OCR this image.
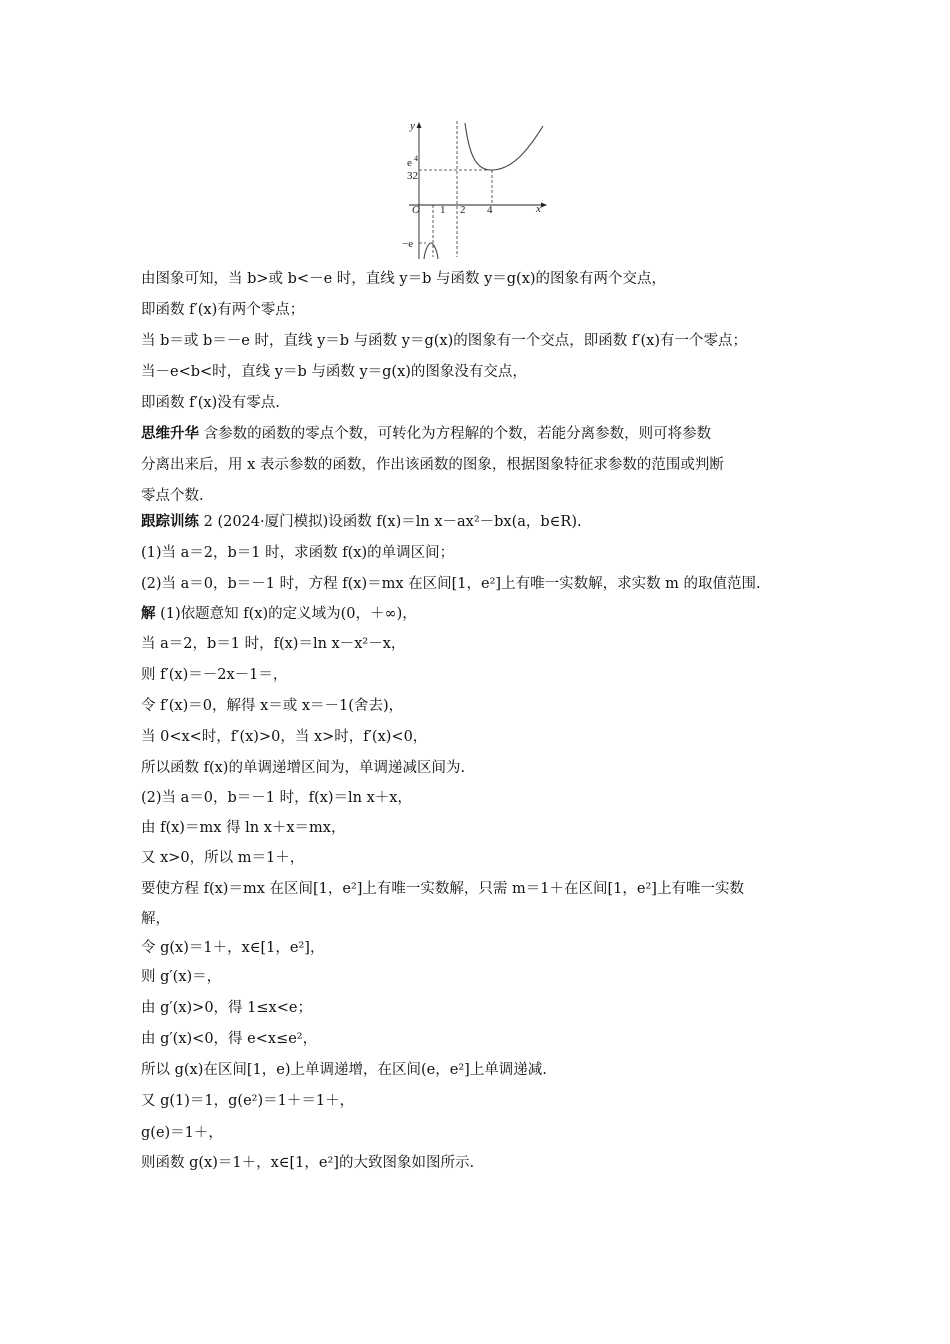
y
x
O
e 4
32
−e
1 2 4
由图象可知，当 b>或 b<－e 时，直线 y＝b 与函数 y＝g(x)的图象有两个交点，
即函数 f′(x)有两个零点；
当 b＝或 b＝－e 时，直线 y＝b 与函数 y＝g(x)的图象有一个交点，即函数 f′(x)有一个零点；
当－e<b<时，直线 y＝b 与函数 y＝g(x)的图象没有交点，
即函数 f′(x)没有零点.
思维升华 含参数的函数的零点个数，可转化为方程解的个数，若能分离参数，则可将参数
分离出来后，用 x 表示参数的函数，作出该函数的图象，根据图象特征求参数的范围或判断
零点个数.
跟踪训练 2 (2024·厦门模拟)设函数 f(x)＝ln x－ax²－bx(a，b∈R).
(1)当 a＝2，b＝1 时，求函数 f(x)的单调区间；
(2)当 a＝0，b＝－1 时，方程 f(x)＝mx 在区间[1，e²]上有唯一实数解，求实数 m 的取值范围.
解 (1)依题意知 f(x)的定义域为(0，＋∞)，
当 a＝2，b＝1 时，f(x)＝ln x－x²－x，
则 f′(x)＝－2x－1＝，
令 f′(x)＝0，解得 x＝或 x＝－1(舍去)，
当 0<x<时，f′(x)>0，当 x>时，f′(x)<0，
所以函数 f(x)的单调递增区间为，单调递减区间为.
(2)当 a＝0，b＝－1 时，f(x)＝ln x＋x，
由 f(x)＝mx 得 ln x＋x＝mx，
又 x>0，所以 m＝1＋，
要使方程 f(x)＝mx 在区间[1，e²]上有唯一实数解，只需 m＝1＋在区间[1，e²]上有唯一实数
解，
令 g(x)＝1＋，x∈[1，e²]，
则 g′(x)＝，
由 g′(x)>0，得 1≤x<e；
由 g′(x)<0，得 e<x≤e²，
所以 g(x)在区间[1，e)上单调递增，在区间(e，e²]上单调递减.
又 g(1)＝1，g(e²)＝1＋＝1＋，
g(e)＝1＋，
则函数 g(x)＝1＋，x∈[1，e²]的大致图象如图所示.
